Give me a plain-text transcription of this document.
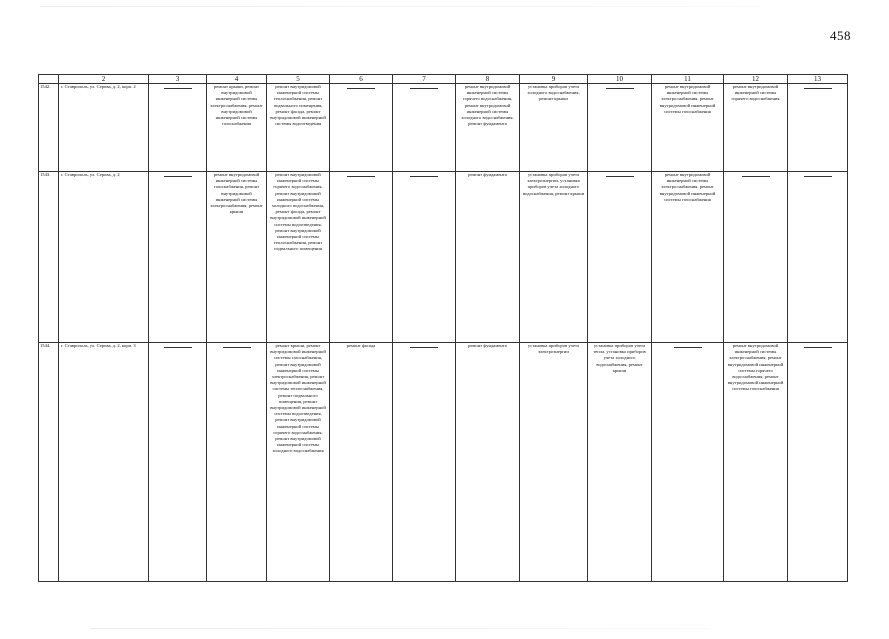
458
	2	3	4	5	6	7	8	9	10	11	12	13
1542.	г. Ставрополь, ул. Серова, д. 2, корп. 2		ремонт крыши, ремонт внутридомовой инженерной системы электроснабжения, ремонт внутридомовой инженерной системы газоснабжения	ремонт внутридомовой инженерной системы теплоснабжения, ремонт подвального помещения, ремонт фасада, ремонт внутридомовой инженерной системы водоотведения			ремонт внутридомовой инженерной системы горячего водоснабжения, ремонт внутридомовой инженерной системы холодного водоснабжения, ремонт фундамента	установка приборов учета холодного водоснабжения, ремонт крыши		ремонт внутридомовой инженерной системы электроснабжения, ремонт внутридомовой инженерной системы газоснабжения	ремонт внутридомовой инженерной системы горячего водоснабжения	

1543.	г. Ставрополь, ул. Серова, д. 2		ремонт внутридомовой инженерной системы газоснабжения, ремонт внутридомовой инженерной системы электроснабжения, ремонт крыши	ремонт внутридомовой инженерной системы горячего водоснабжения, ремонт внутридомовой инженерной системы холодного водоснабжения, ремонт фасада, ремонт внутридомовой инженерной системы водоотведения, ремонт внутридомовой инженерной системы теплоснабжения, ремонт подвального помещения			ремонт фундамента	установка приборов учета электроэнергии, установка приборов учета холодного водоснабжения, ремонт крыши		ремонт внутридомовой инженерной системы электроснабжения, ремонт внутридомовой инженерной системы газоснабжения	

1544.	г. Ставрополь, ул. Серова, д. 2, корп. 3			ремонт крыши, ремонт внутридомовой инженерной системы газоснабжения, ремонт внутридомовой инженерной системы электроснабжения, ремонт внутридомовой инженерной системы теплоснабжения, ремонт подвального помещения, ремонт внутридомовой инженерной системы водоотведения, ремонт внутридомовой инженерной системы горячего водоснабжения, ремонт внутридомовой инженерной системы холодного водоснабжения	ремонт фасада		ремонт фундамента	установка приборов учета электроэнергии	установка приборов учета тепла, установка приборов учета холодного водоснабжения, ремонт крыши		ремонт внутридомовой инженерной системы электроснабжения, ремонт внутридомовой инженерной системы горячего водоснабжения, ремонт внутридомовой инженерной системы газоснабжения	
